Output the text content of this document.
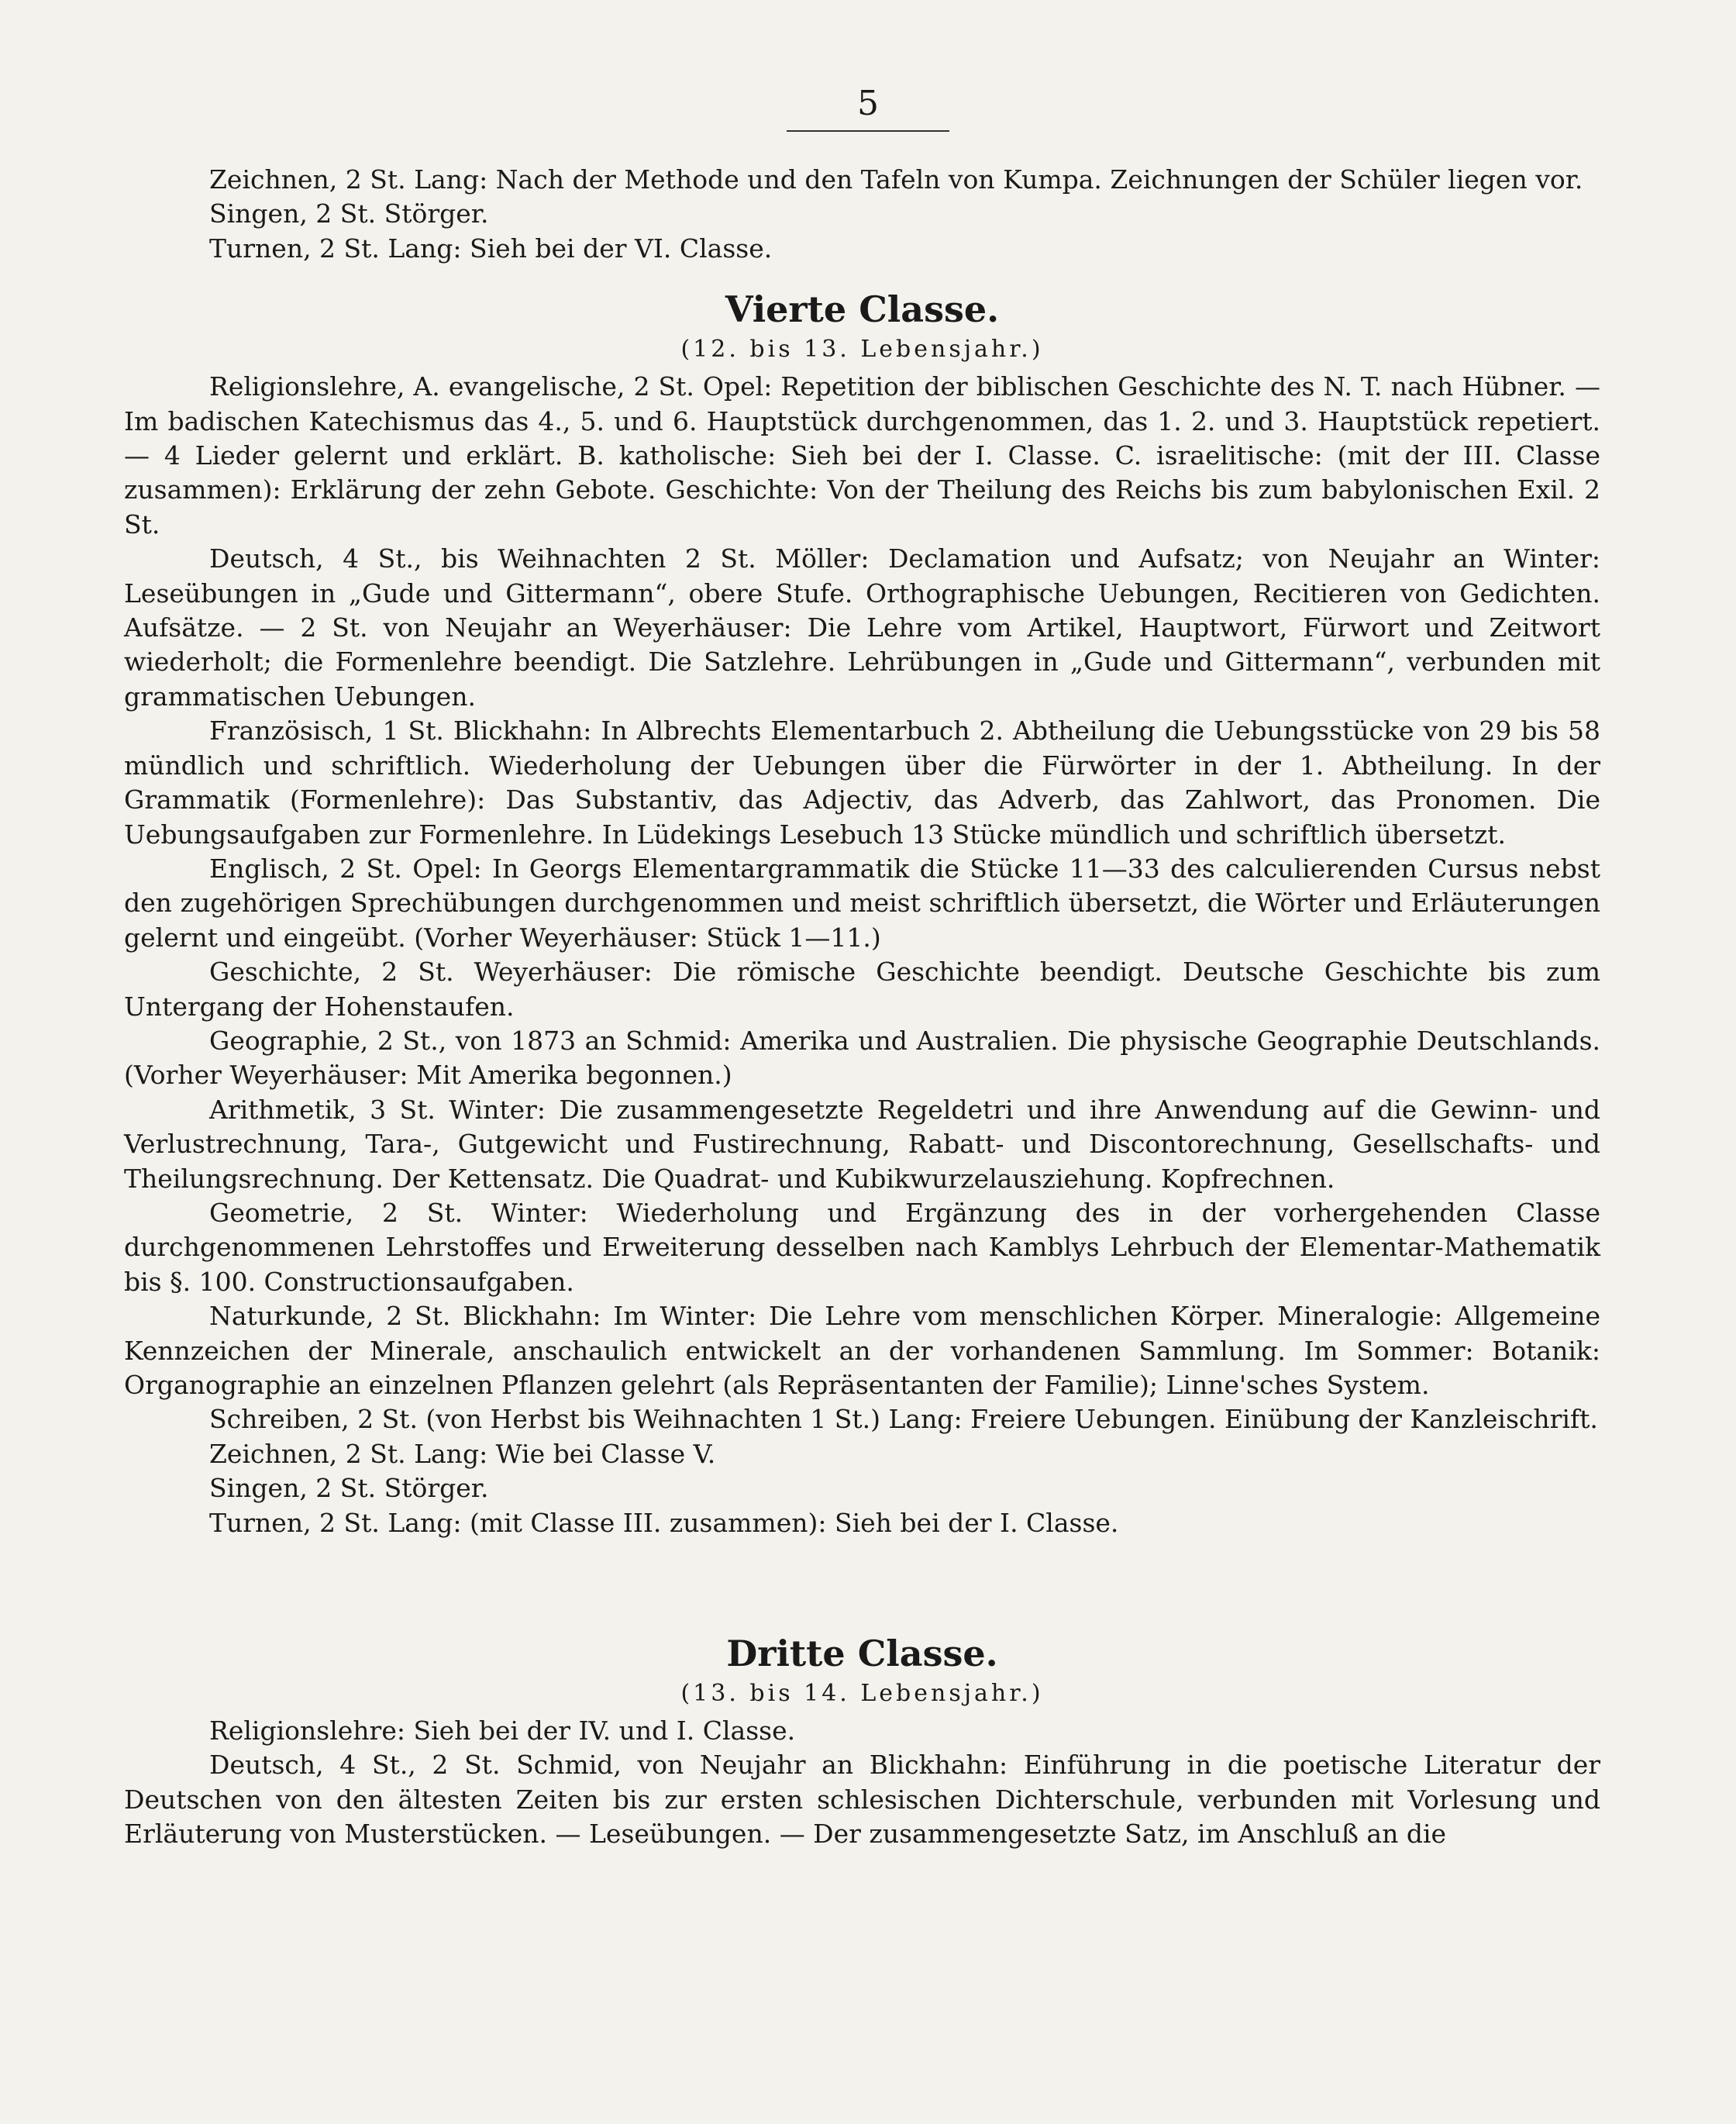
5

Zeichnen, 2 St. Lang: Nach der Methode und den Tafeln von Kumpa. Zeichnungen der Schüler liegen vor.

Singen, 2 St. Störger.

Turnen, 2 St. Lang: Sieh bei der VI. Classe.

Vierte Classe.
(12. bis 13. Lebensjahr.)

Religionslehre, A. evangelische, 2 St. Opel: Repetition der biblischen Geschichte des N. T. nach Hübner. — Im badischen Katechismus das 4., 5. und 6. Hauptstück durchgenommen, das 1. 2. und 3. Hauptstück repetiert. — 4 Lieder gelernt und erklärt. B. katholische: Sieh bei der I. Classe. C. israelitische: (mit der III. Classe zusammen): Erklärung der zehn Gebote. Geschichte: Von der Theilung des Reichs bis zum babylonischen Exil. 2 St.

Deutsch, 4 St., bis Weihnachten 2 St. Möller: Declamation und Aufsatz; von Neujahr an Winter: Leseübungen in „Gude und Gittermann“, obere Stufe. Orthographische Uebungen, Recitieren von Gedichten. Aufsätze. — 2 St. von Neujahr an Weyerhäuser: Die Lehre vom Artikel, Hauptwort, Fürwort und Zeitwort wiederholt; die Formenlehre beendigt. Die Satzlehre. Lehrübungen in „Gude und Gittermann“, verbunden mit grammatischen Uebungen.

Französisch, 1 St. Blickhahn: In Albrechts Elementarbuch 2. Abtheilung die Uebungsstücke von 29 bis 58 mündlich und schriftlich. Wiederholung der Uebungen über die Fürwörter in der 1. Abtheilung. In der Grammatik (Formenlehre): Das Substantiv, das Adjectiv, das Adverb, das Zahlwort, das Pronomen. Die Uebungsaufgaben zur Formenlehre. In Lüdekings Lesebuch 13 Stücke mündlich und schriftlich übersetzt.

Englisch, 2 St. Opel: In Georgs Elementargrammatik die Stücke 11—33 des calculierenden Cursus nebst den zugehörigen Sprechübungen durchgenommen und meist schriftlich übersetzt, die Wörter und Erläuterungen gelernt und eingeübt. (Vorher Weyerhäuser: Stück 1—11.)

Geschichte, 2 St. Weyerhäuser: Die römische Geschichte beendigt. Deutsche Geschichte bis zum Untergang der Hohenstaufen.

Geographie, 2 St., von 1873 an Schmid: Amerika und Australien. Die physische Geographie Deutschlands. (Vorher Weyerhäuser: Mit Amerika begonnen.)

Arithmetik, 3 St. Winter: Die zusammengesetzte Regeldetri und ihre Anwendung auf die Gewinn- und Verlustrechnung, Tara-, Gutgewicht und Fustirechnung, Rabatt- und Discontorechnung, Gesellschafts- und Theilungsrechnung. Der Kettensatz. Die Quadrat- und Kubikwurzelausziehung. Kopfrechnen.

Geometrie, 2 St. Winter: Wiederholung und Ergänzung des in der vorhergehenden Classe durchgenommenen Lehrstoffes und Erweiterung desselben nach Kamblys Lehrbuch der Elementar-Mathematik bis §. 100. Constructionsaufgaben.

Naturkunde, 2 St. Blickhahn: Im Winter: Die Lehre vom menschlichen Körper. Mineralogie: Allgemeine Kennzeichen der Minerale, anschaulich entwickelt an der vorhandenen Sammlung. Im Sommer: Botanik: Organographie an einzelnen Pflanzen gelehrt (als Repräsentanten der Familie); Linne'sches System.

Schreiben, 2 St. (von Herbst bis Weihnachten 1 St.) Lang: Freiere Uebungen. Einübung der Kanzleischrift.

Zeichnen, 2 St. Lang: Wie bei Classe V.

Singen, 2 St. Störger.

Turnen, 2 St. Lang: (mit Classe III. zusammen): Sieh bei der I. Classe.

Dritte Classe.
(13. bis 14. Lebensjahr.)

Religionslehre: Sieh bei der IV. und I. Classe.

Deutsch, 4 St., 2 St. Schmid, von Neujahr an Blickhahn: Einführung in die poetische Literatur der Deutschen von den ältesten Zeiten bis zur ersten schlesischen Dichterschule, verbunden mit Vorlesung und Erläuterung von Musterstücken. — Leseübungen. — Der zusammengesetzte Satz, im Anschluß an die
